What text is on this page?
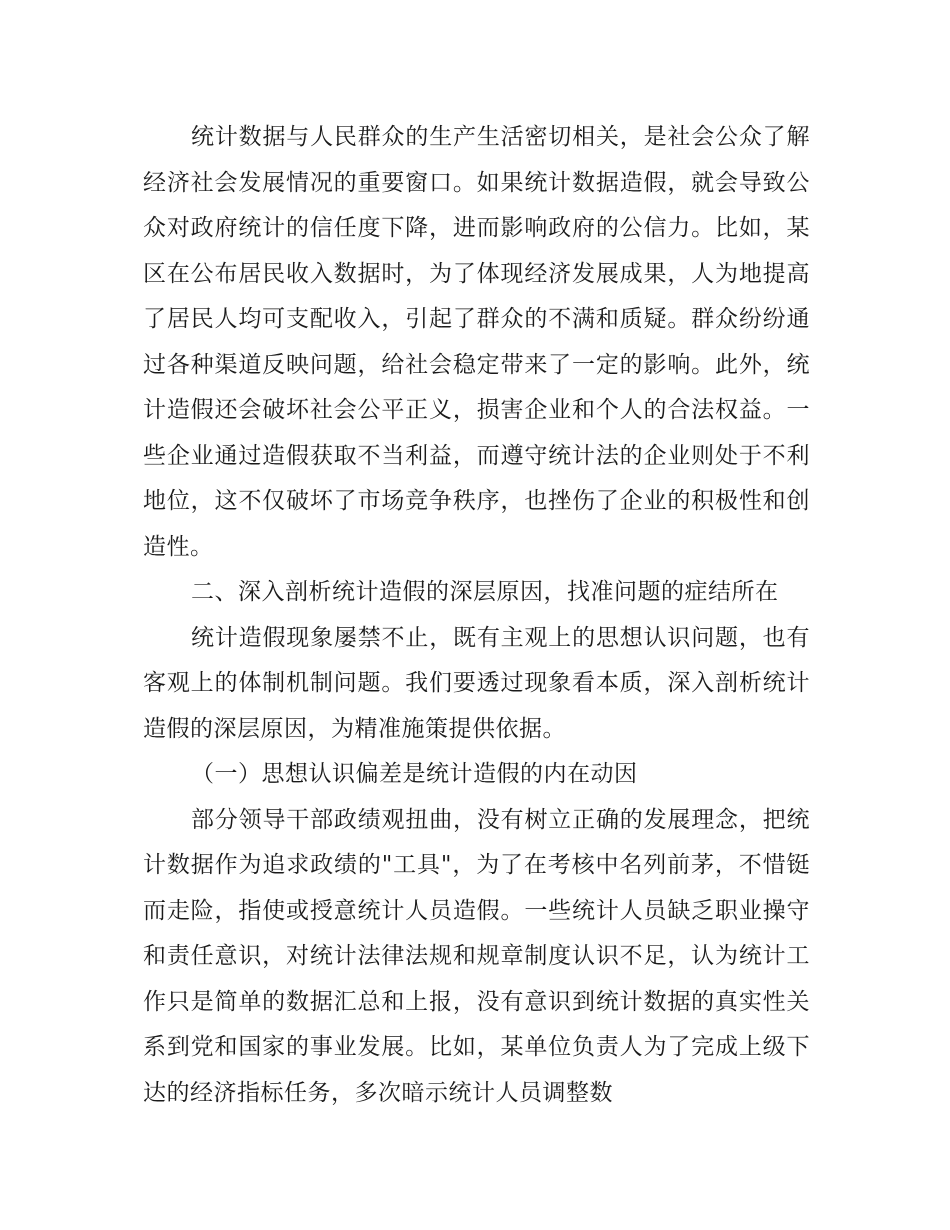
统计数据与人民群众的生产生活密切相关，是社会公众了解经济社会发展情况的重要窗口。如果统计数据造假，就会导致公众对政府统计的信任度下降，进而影响政府的公信力。比如，某区在公布居民收入数据时，为了体现经济发展成果，人为地提高了居民人均可支配收入，引起了群众的不满和质疑。群众纷纷通过各种渠道反映问题，给社会稳定带来了一定的影响。此外，统计造假还会破坏社会公平正义，损害企业和个人的合法权益。一些企业通过造假获取不当利益，而遵守统计法的企业则处于不利地位，这不仅破坏了市场竞争秩序，也挫伤了企业的积极性和创造性。

二、深入剖析统计造假的深层原因，找准问题的症结所在

统计造假现象屡禁不止，既有主观上的思想认识问题，也有客观上的体制机制问题。我们要透过现象看本质，深入剖析统计造假的深层原因，为精准施策提供依据。

（一）思想认识偏差是统计造假的内在动因

部分领导干部政绩观扭曲，没有树立正确的发展理念，把统计数据作为追求政绩的"工具"，为了在考核中名列前茅，不惜铤而走险，指使或授意统计人员造假。一些统计人员缺乏职业操守和责任意识，对统计法律法规和规章制度认识不足，认为统计工作只是简单的数据汇总和上报，没有意识到统计数据的真实性关系到党和国家的事业发展。比如，某单位负责人为了完成上级下达的经济指标任务，多次暗示统计人员调整数
